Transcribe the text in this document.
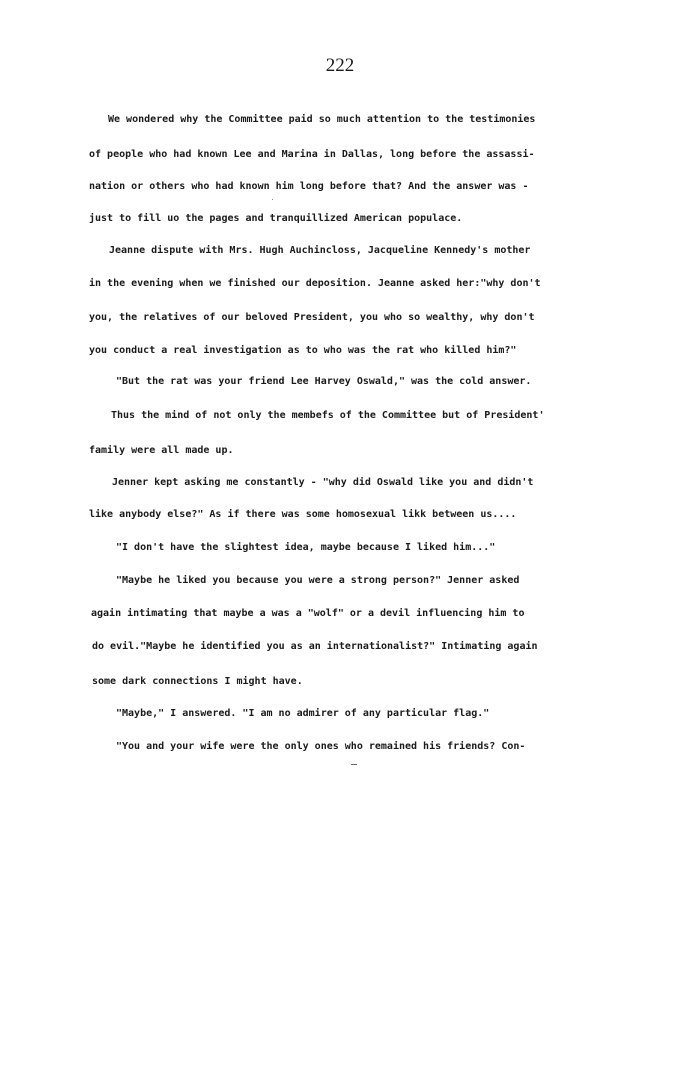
222
We wondered why the Committee paid so much attention to the testimonies
of people who had known Lee and Marina in Dallas, long before the assassi-
nation or others who had known him long before that? And the answer was -
just to fill uo the pages and tranquillized American populace.
Jeanne dispute with Mrs. Hugh Auchincloss, Jacqueline Kennedy's mother
in the evening when we finished our deposition. Jeanne asked her:"why don't
you, the relatives of our beloved President, you who so wealthy, why don't
you conduct a real investigation as to who was the rat who killed him?"
"But the rat was your friend Lee Harvey Oswald," was the cold answer.
Thus the mind of not only the membefs of the Committee but of President'
family were all made up.
Jenner kept asking me constantly - "why did Oswald like you and didn't
like anybody else?" As if there was some homosexual likk between us....
"I don't have the slightest idea, maybe because I liked him..."
"Maybe he liked you because you were a strong person?" Jenner asked
again intimating that maybe a was a "wolf" or a devil influencing him to
do evil."Maybe he identified you as an internationalist?" Intimating again
some dark connections I might have.
"Maybe," I answered. "I am no admirer of any particular flag."
"You and your wife were the only ones who remained his friends? Con-
